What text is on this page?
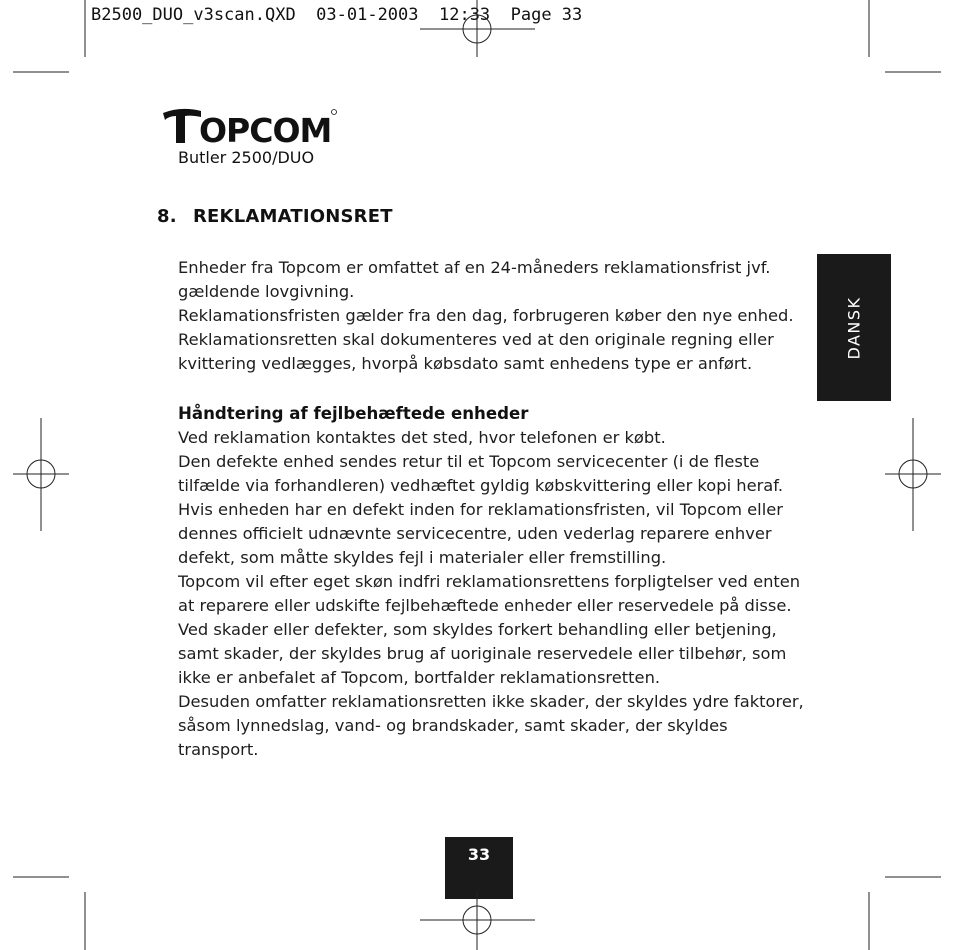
B2500_DUO_v3scan.QXD  03-01-2003  12:33  Page 33
OPCOM
Butler 2500/DUO
8. REKLAMATIONSRET
DANSK

Enheder fra Topcom er omfattet af en 24-måneders reklamationsfrist jvf.

gældende lovgivning.

Reklamationsfristen gælder fra den dag, forbrugeren køber den nye enhed.

Reklamationsretten skal dokumenteres ved at den originale regning eller

kvittering vedlægges, hvorpå købsdato samt enhedens type er anført.

Håndtering af fejlbehæftede enheder

Ved reklamation kontaktes det sted, hvor telefonen er købt.

Den defekte enhed sendes retur til et Topcom servicecenter (i de fleste

tilfælde via forhandleren) vedhæftet gyldig købskvittering eller kopi heraf.

Hvis enheden har en defekt inden for reklamationsfristen, vil Topcom eller

dennes officielt udnævnte servicecentre, uden vederlag reparere enhver

defekt, som måtte skyldes fejl i materialer eller fremstilling.

Topcom vil efter eget skøn indfri reklamationsrettens forpligtelser ved enten

at reparere eller udskifte fejlbehæftede enheder eller reservedele på disse.

Ved skader eller defekter, som skyldes forkert behandling eller betjening,

samt skader, der skyldes brug af uoriginale reservedele eller tilbehør, som

ikke er anbefalet af Topcom, bortfalder reklamationsretten.

Desuden omfatter reklamationsretten ikke skader, der skyldes ydre faktorer,

såsom lynnedslag, vand- og brandskader, samt skader, der skyldes

transport.

33
